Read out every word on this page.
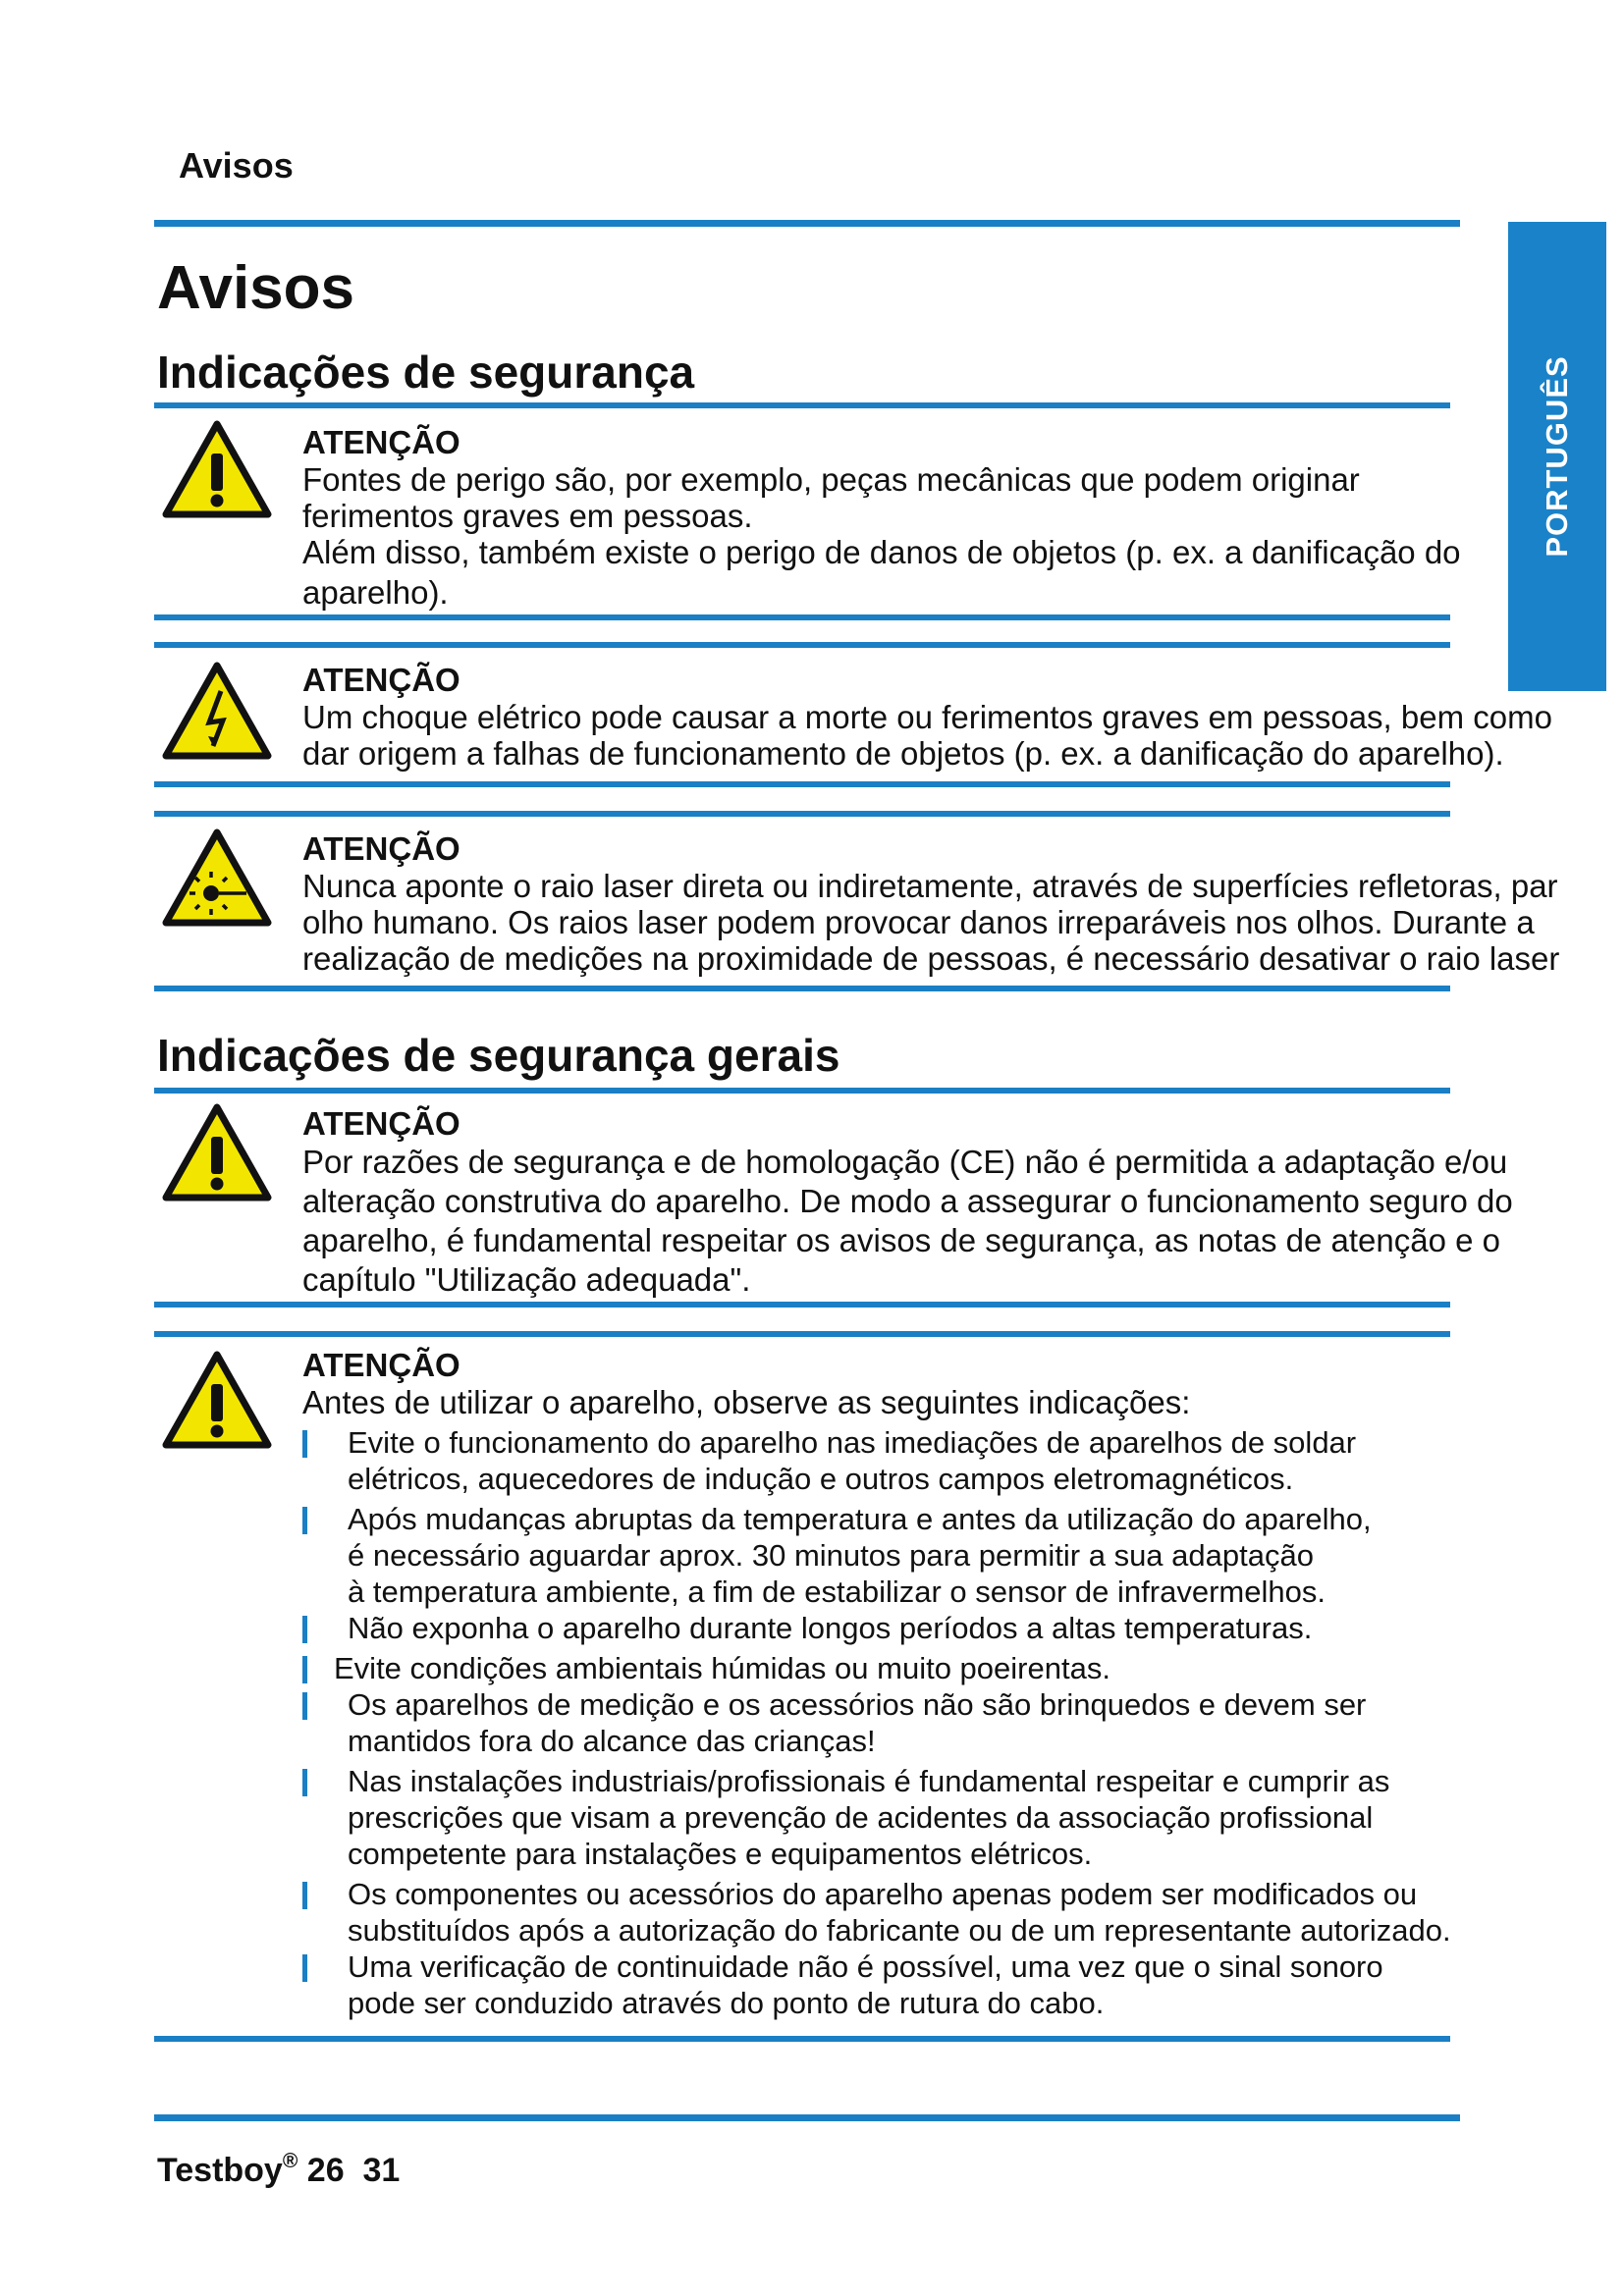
Avisos
PORTUGUÊS
Avisos
Indicações de segurança
ATENÇÃO

Fontes de perigo são, por exemplo, peças mecânicas que podem originar

ferimentos graves em pessoas.

Além disso, também existe o perigo de danos de objetos (p. ex. a danificação do

aparelho).

ATENÇÃO

Um choque elétrico pode causar a morte ou ferimentos graves em pessoas, bem como

dar origem a falhas de funcionamento de objetos (p. ex. a danificação do aparelho).

ATENÇÃO

Nunca aponte o raio laser direta ou indiretamente, através de superfícies refletoras, par

olho humano. Os raios laser podem provocar danos irreparáveis nos olhos. Durante a

realização de medições na proximidade de pessoas, é necessário desativar o raio laser

Indicações de segurança gerais
ATENÇÃO

Por razões de segurança e de homologação (CE) não é permitida a adaptação e/ou

alteração construtiva do aparelho. De modo a assegurar o funcionamento seguro do

aparelho, é fundamental respeitar os avisos de segurança, as notas de atenção e o

capítulo "Utilização adequada".

ATENÇÃO

Antes de utilizar o aparelho, observe as seguintes indicações:

Evite o funcionamento do aparelho nas imediações de aparelhos de soldar
elétricos, aquecedores de indução e outros campos eletromagnéticos.
Após mudanças abruptas da temperatura e antes da utilização do aparelho,
é necessário aguardar aprox. 30 minutos para permitir a sua adaptação
à temperatura ambiente, a fim de estabilizar o sensor de infravermelhos.
Não exponha o aparelho durante longos períodos a altas temperaturas.
Evite condições ambientais húmidas ou muito poeirentas.
Os aparelhos de medição e os acessórios não são brinquedos e devem ser
mantidos fora do alcance das crianças!
Nas instalações industriais/profissionais é fundamental respeitar e cumprir as
prescrições que visam a prevenção de acidentes da associação profissional
competente para instalações e equipamentos elétricos.
Os componentes ou acessórios do aparelho apenas podem ser modificados ou
substituídos após a autorização do fabricante ou de um representante autorizado.
Uma verificação de continuidade não é possível, uma vez que o sinal sonoro
pode ser conduzido através do ponto de rutura do cabo.
Testboy® 26  31
